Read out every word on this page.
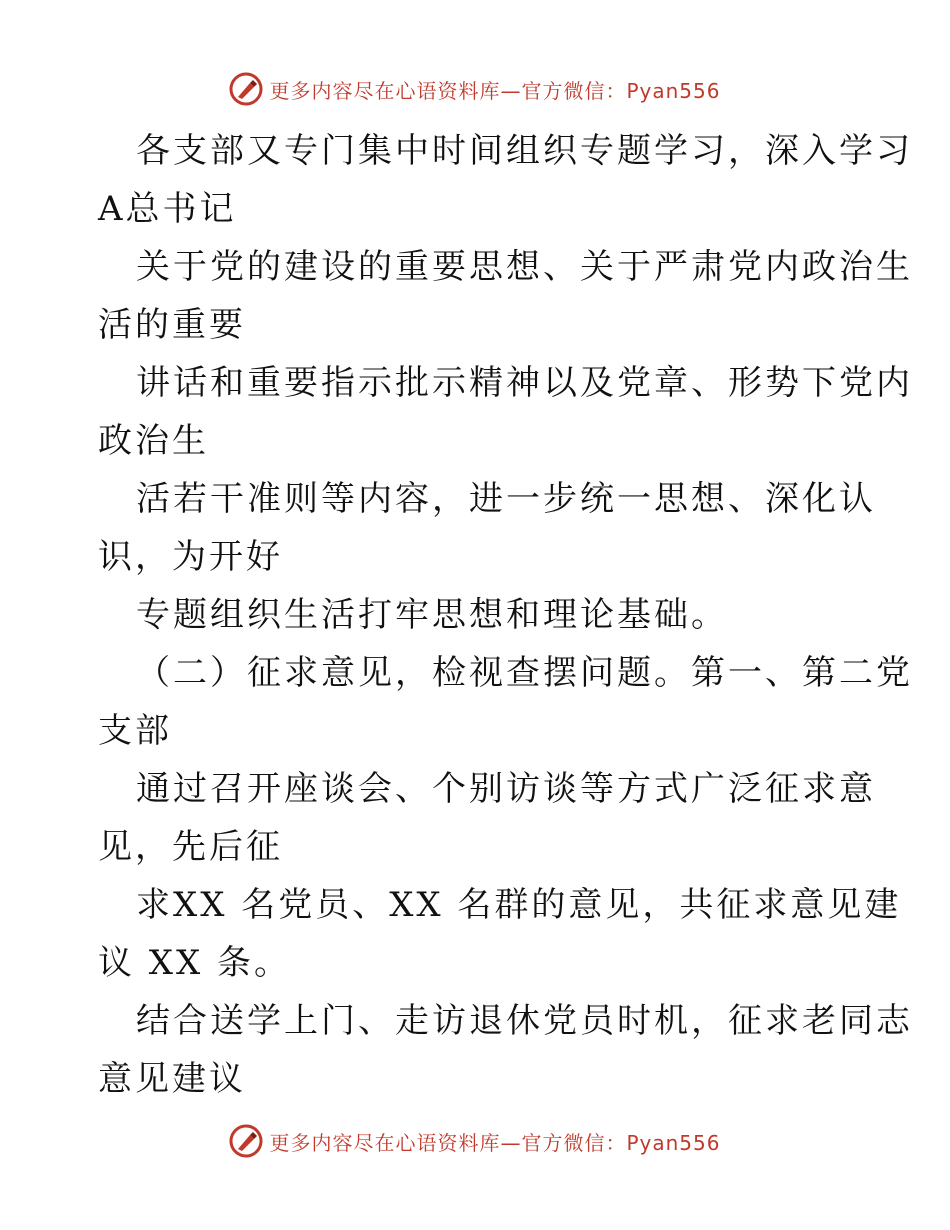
更多内容尽在心语资料库—官方微信：Pyan556

各支部又专门集中时间组织专题学习，深入学习
A总书记

关于党的建设的重要思想、关于严肃党内政治生
活的重要

讲话和重要指示批示精神以及党章、形势下党内
政治生

活若干准则等内容，进一步统一思想、深化认
识，为开好

专题组织生活打牢思想和理论基础。

（二）征求意见，检视查摆问题。第一、第二党
支部

通过召开座谈会、个别访谈等方式广泛征求意
见，先后征

求XX 名党员、XX 名群的意见，共征求意见建
议 XX 条。

结合送学上门、走访退休党员时机，征求老同志
意见建议

更多内容尽在心语资料库—官方微信：Pyan556
